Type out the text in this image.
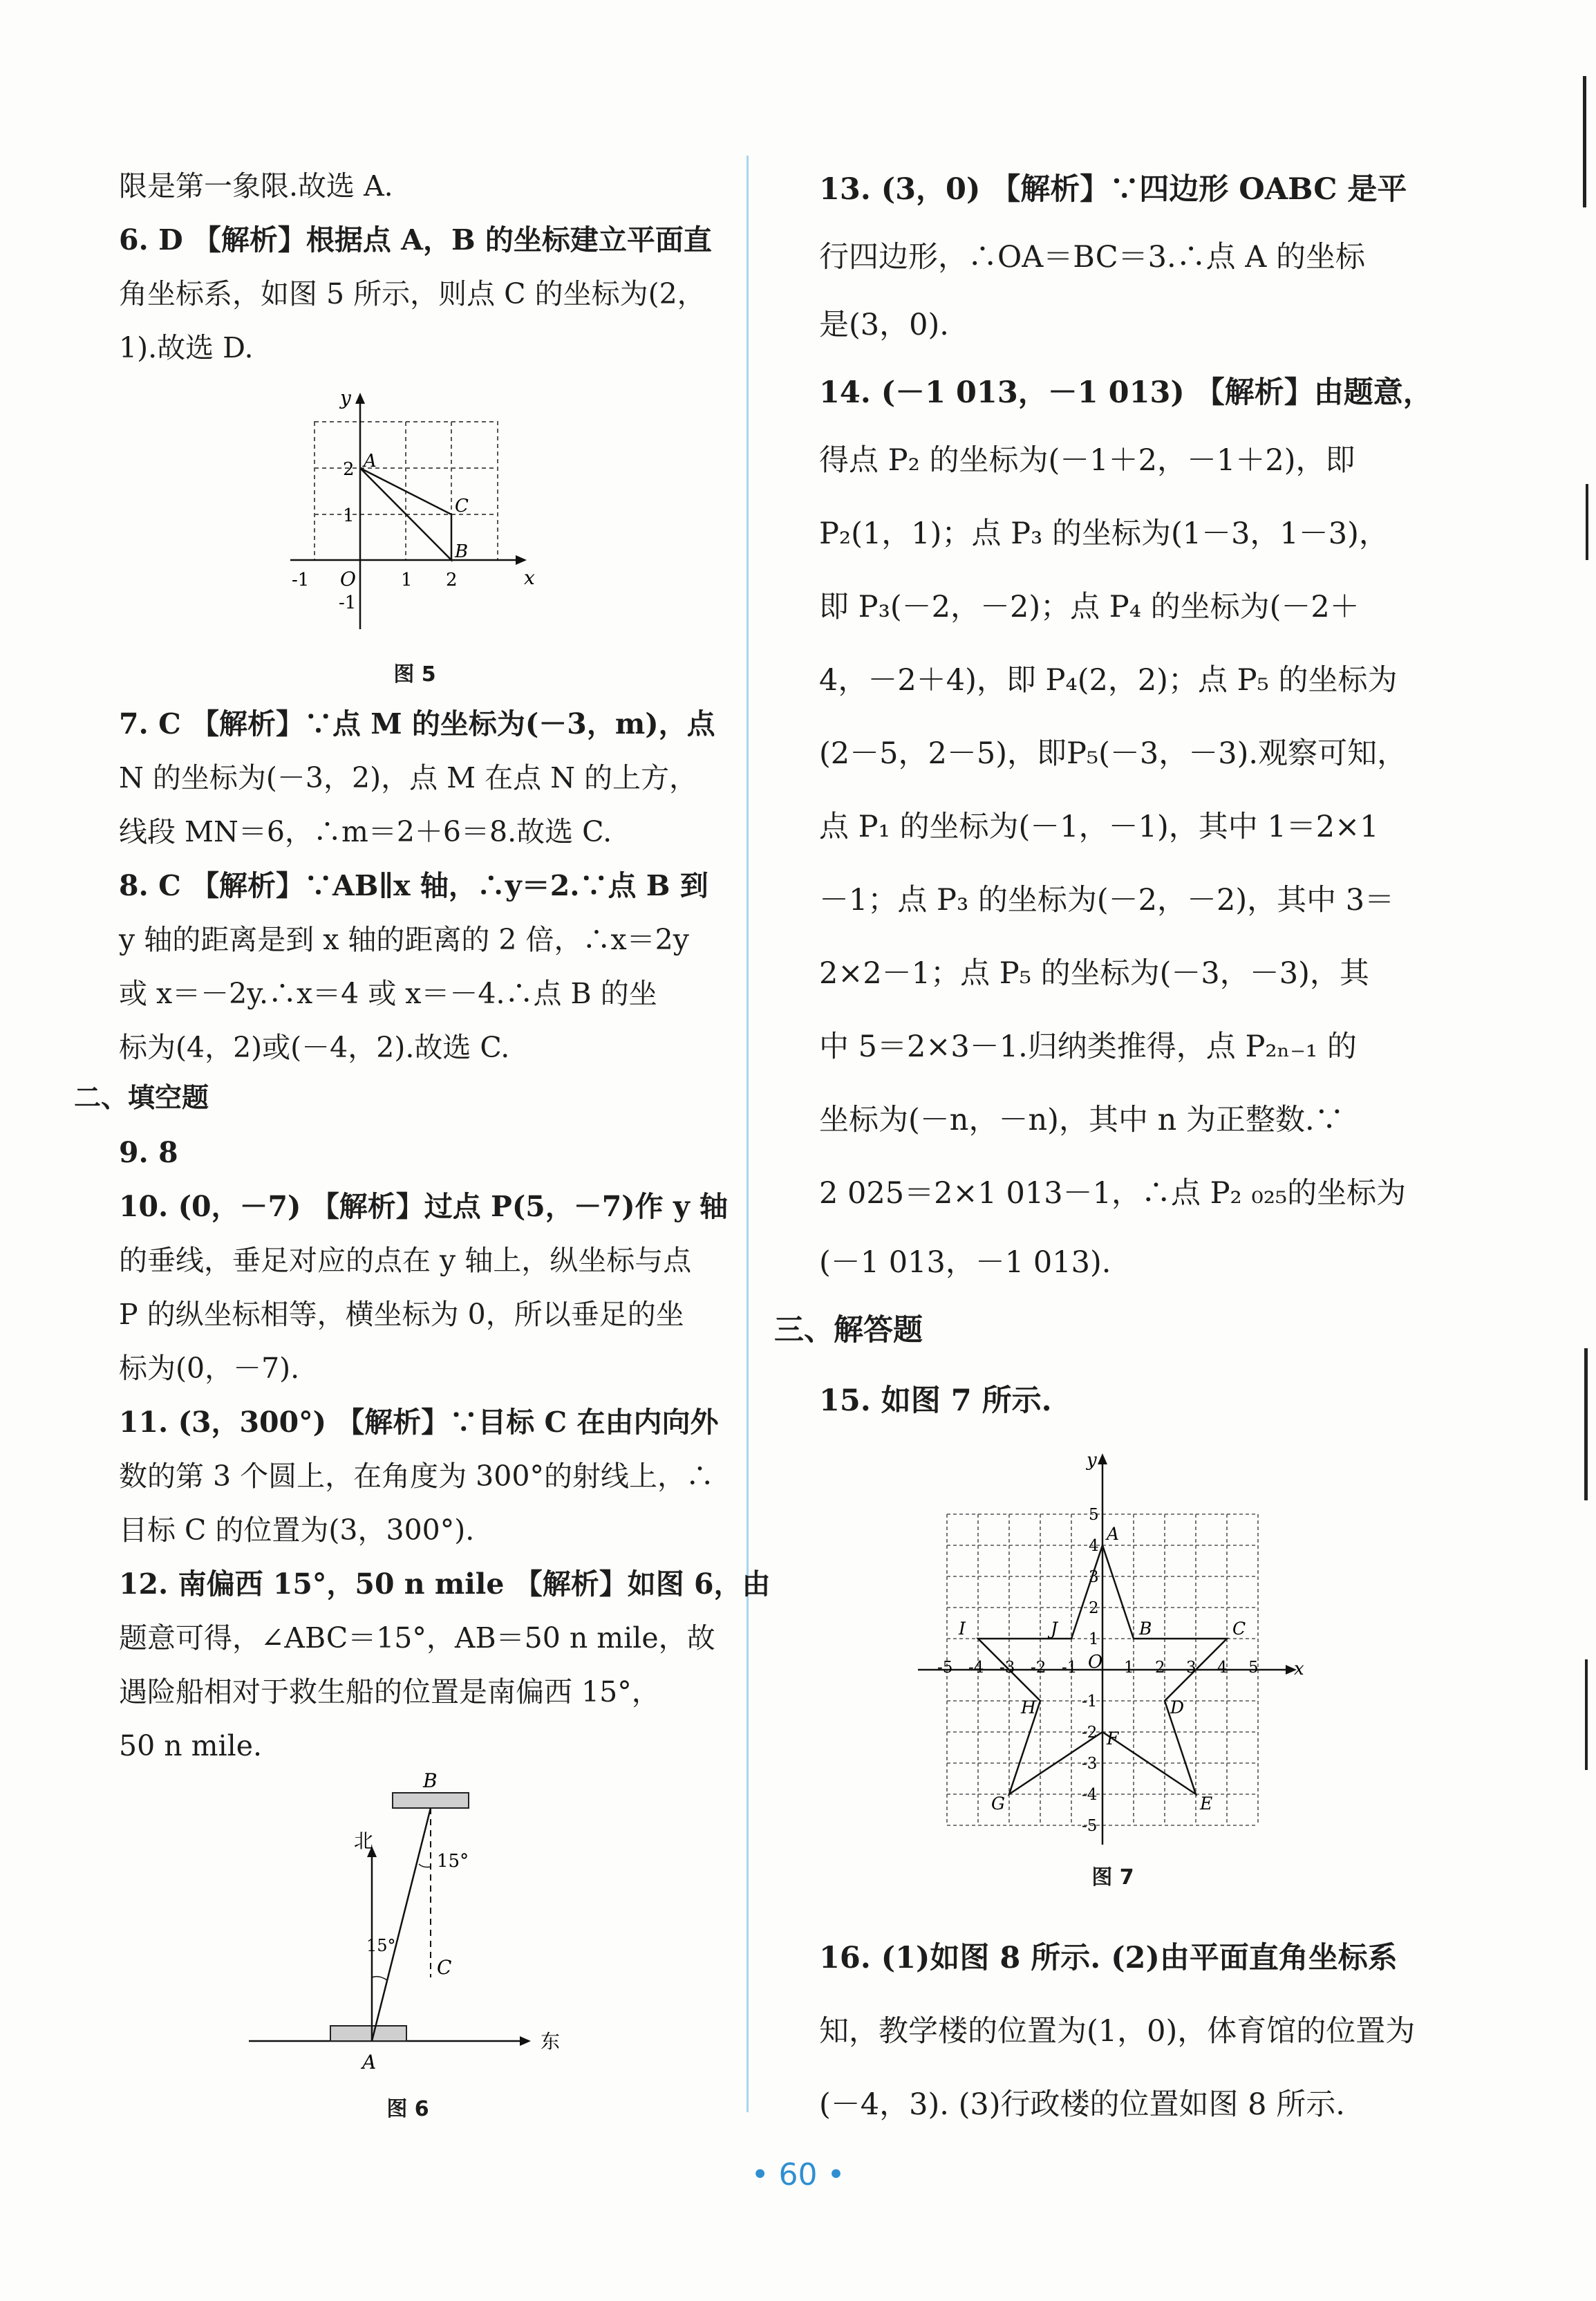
限是第一象限.故选 A.
6. D 【解析】根据点 A，B 的坐标建立平面直
角坐标系，如图 5 所示，则点 C 的坐标为(2，
1).故选 D.
7. C 【解析】∵点 M 的坐标为(－3，m)，点
N 的坐标为(－3，2)，点 M 在点 N 的上方，
线段 MN＝6，∴m＝2＋6＝8.故选 C.
8. C 【解析】∵AB∥x 轴，∴y＝2.∵点 B 到
y 轴的距离是到 x 轴的距离的 2 倍，∴x＝2y
或 x＝－2y.∴x＝4 或 x＝－4.∴点 B 的坐
标为(4，2)或(－4，2).故选 C.
二、填空题
9. 8
10. (0，－7) 【解析】过点 P(5，－7)作 y 轴
的垂线，垂足对应的点在 y 轴上，纵坐标与点
P 的纵坐标相等，横坐标为 0，所以垂足的坐
标为(0，－7).
11. (3，300°) 【解析】∵目标 C 在由内向外
数的第 3 个圆上，在角度为 300°的射线上，∴
目标 C 的位置为(3，300°).
12. 南偏西 15°，50 n mile 【解析】如图 6，由
题意可得，∠ABC＝15°，AB＝50 n mile，故
遇险船相对于救生船的位置是南偏西 15°，
50 n mile.
x
y
O
-1	1 2
2
1
-1
A
B
C
图 5
北
东
15°
15°
A
B
C
图 6
13. (3，0) 【解析】∵四边形 OABC 是平
行四边形，∴OA＝BC＝3.∴点 A 的坐标
是(3，0).
14. (－1 013，－1 013) 【解析】由题意，
得点 P₂ 的坐标为(－1＋2，－1＋2)，即
P₂(1，1)；点 P₃ 的坐标为(1－3，1－3)，
即 P₃(－2，－2)；点 P₄ 的坐标为(－2＋
4，－2＋4)，即 P₄(2，2)；点 P₅ 的坐标为
(2－5，2－5)，即P₅(－3，－3).观察可知，
点 P₁ 的坐标为(－1，－1)，其中 1＝2×1
－1；点 P₃ 的坐标为(－2，－2)，其中 3＝
2×2－1；点 P₅ 的坐标为(－3，－3)，其
中 5＝2×3－1.归纳类推得，点 P₂ₙ₋₁ 的
坐标为(－n，－n)，其中 n 为正整数.∵
2 025＝2×1 013－1，∴点 P₂ ₀₂₅的坐标为
(－1 013，－1 013).
三、解答题
15. 如图 7 所示.
16. (1)如图 8 所示. (2)由平面直角坐标系
知，教学楼的位置为(1，0)，体育馆的位置为
(－4，3). (3)行政楼的位置如图 8 所示.
-5 -4 -3 -2 -1	1 2 3 4 5
5
4
3
2
1
-1
-2
-3
-4
-5
A
B	C
D
E
F
G
H
I	J
x
y
O
图 7
• 60 •
